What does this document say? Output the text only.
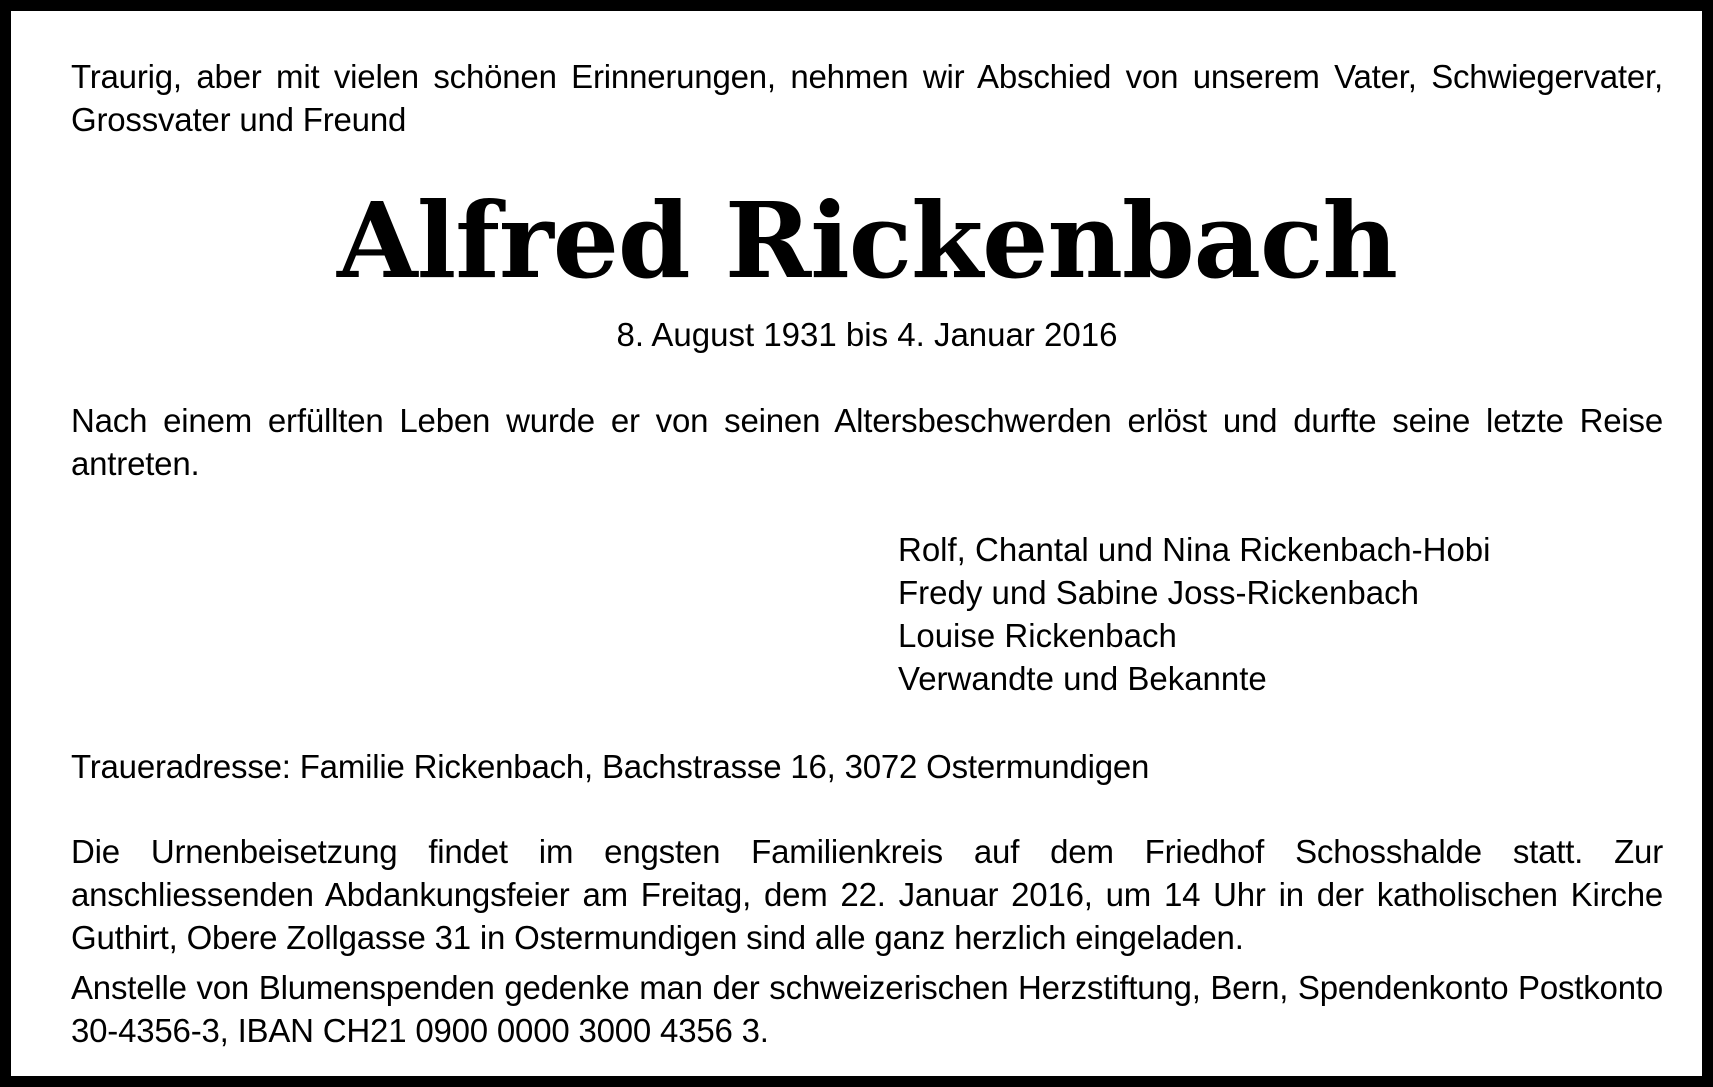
Traurig, aber mit vielen schönen Erinnerungen, nehmen wir Abschied von unserem Vater, Schwiegervater, Grossvater und Freund

Alfred Rickenbach

8. August 1931 bis 4. Januar 2016

Nach einem erfüllten Leben wurde er von seinen Altersbeschwerden erlöst und durfte seine letzte Reise antreten.

Rolf, Chantal und Nina Rickenbach-Hobi
Fredy und Sabine Joss-Rickenbach
Louise Rickenbach
Verwandte und Bekannte

Traueradresse: Familie Rickenbach, Bachstrasse 16, 3072 Ostermundigen

Die Urnenbeisetzung findet im engsten Familienkreis auf dem Friedhof Schosshalde statt. Zur anschliessenden Abdankungsfeier am Freitag, dem 22. Januar 2016, um 14 Uhr in der katholischen Kirche Guthirt, Obere Zollgasse 31 in Ostermundigen sind alle ganz herzlich eingeladen.

Anstelle von Blumenspenden gedenke man der schweizerischen Herzstiftung, Bern, Spendenkonto Postkonto 30-4356-3, IBAN CH21 0900 0000 3000 4356 3.
